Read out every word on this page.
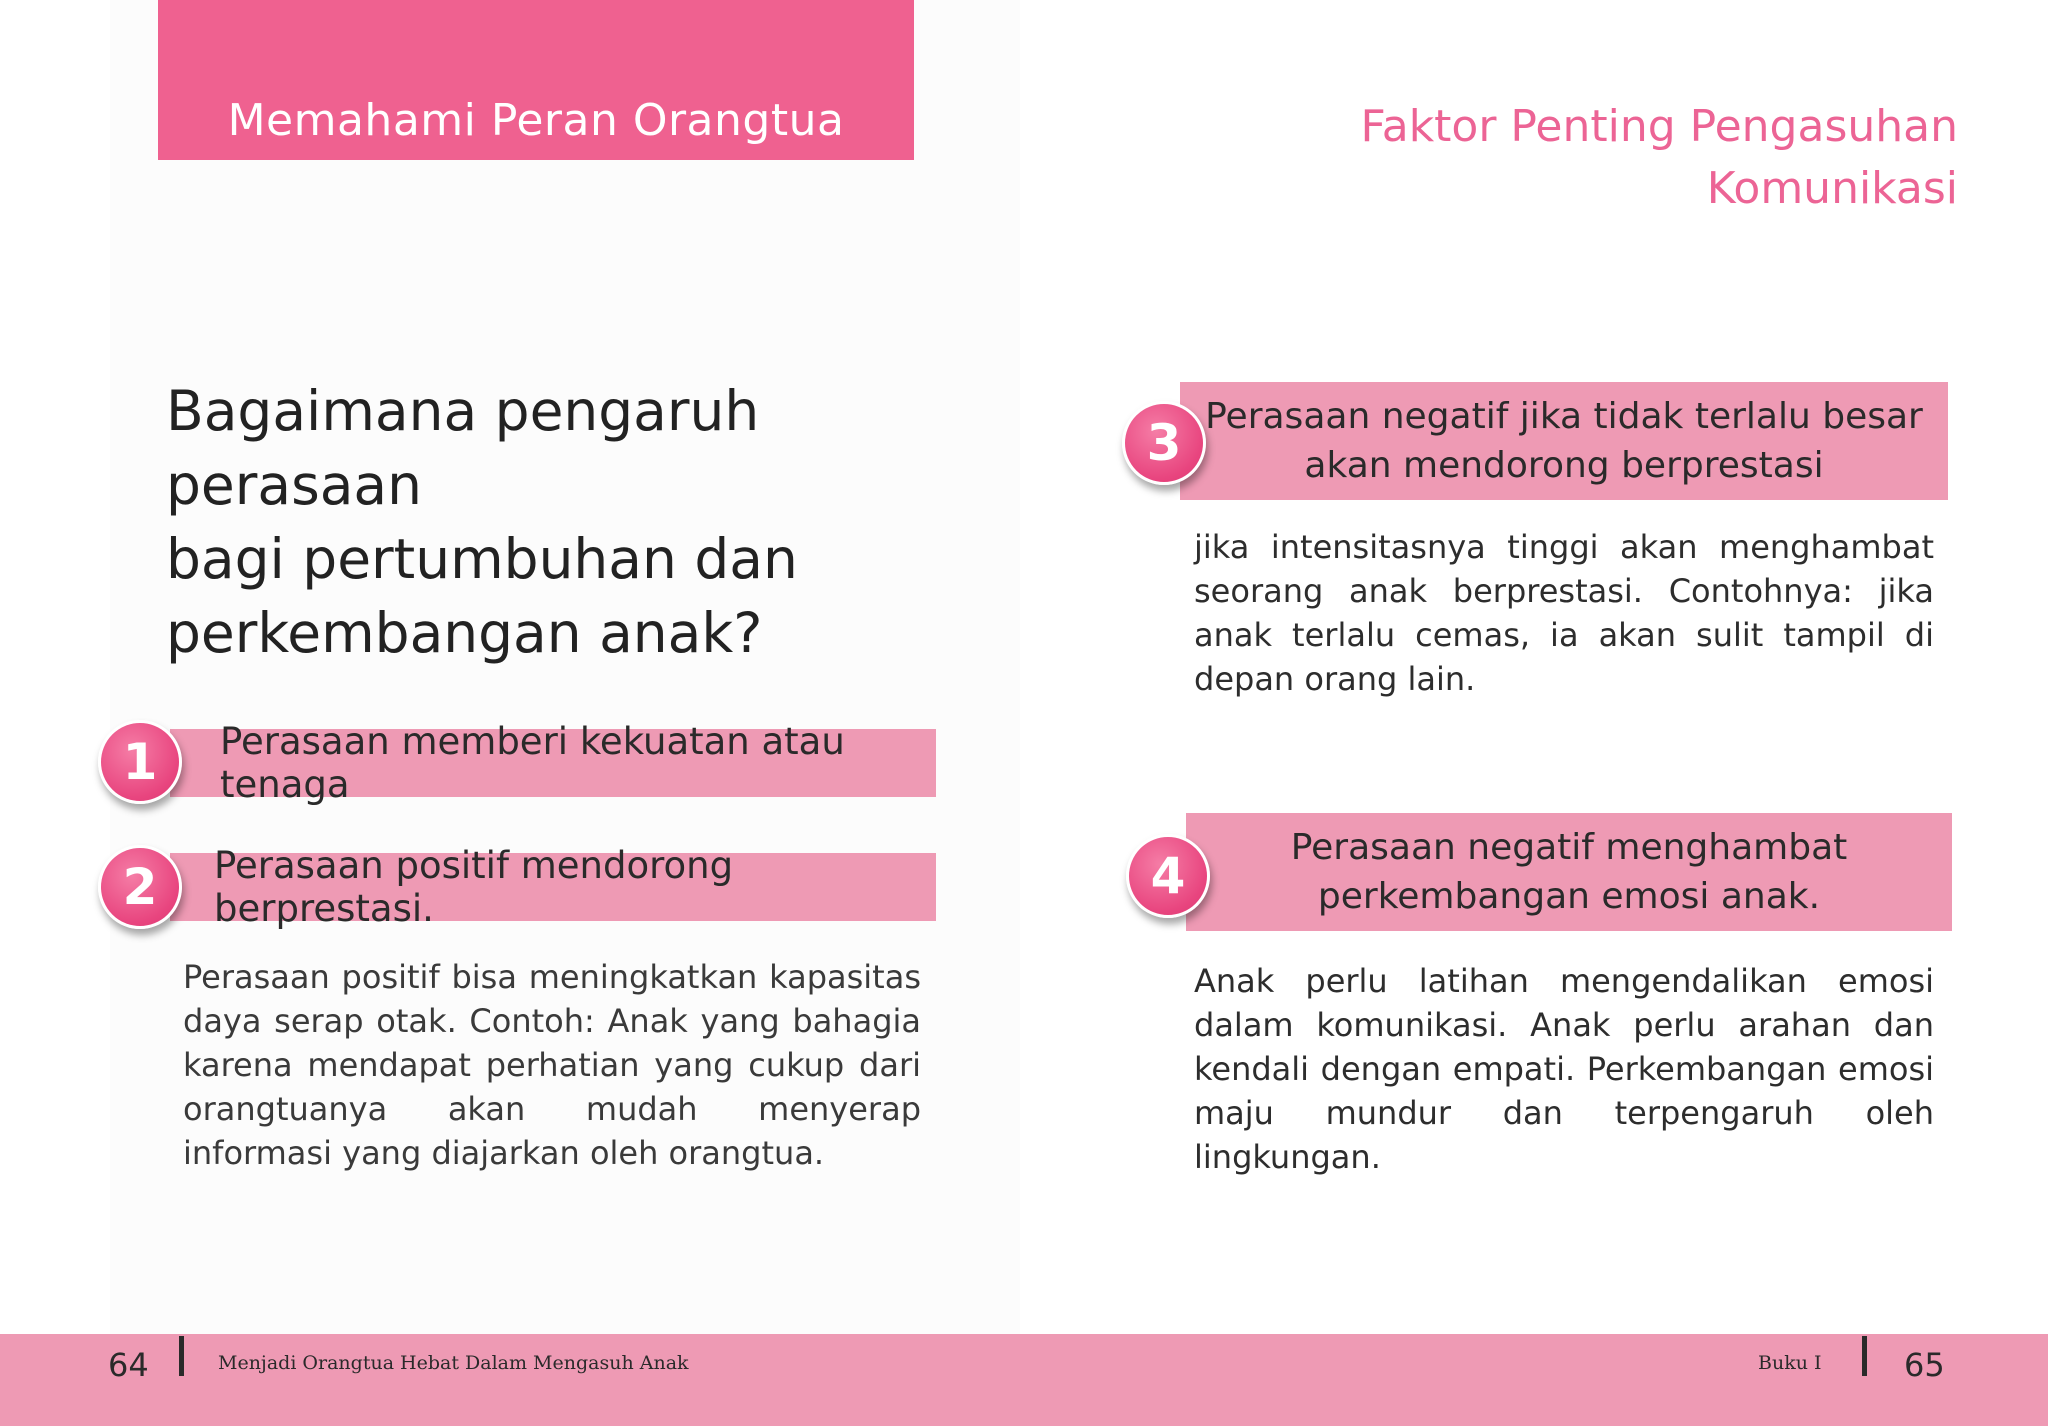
Memahami Peran Orangtua	Faktor Penting Pengasuhan
Komunikasi
Bagaimana pengaruh perasaan
bagi pertumbuhan dan
perkembangan anak?
Perasaan memberi kekuatan atau tenaga
1
Perasaan positif mendorong berprestasi.
2
Perasaan positif bisa meningkatkan kapasitas daya serap otak. Contoh: Anak yang bahagia karena mendapat perhatian yang cukup dari orangtuanya akan mudah menyerap informasi yang diajarkan oleh orangtua.
Perasaan negatif jika tidak terlalu besar
akan mendorong berprestasi
3
jika intensitasnya tinggi akan menghambat seorang anak berprestasi. Contohnya: jika anak terlalu cemas, ia akan sulit tampil di depan orang lain.
Perasaan negatif menghambat
perkembangan emosi anak.
4
Anak perlu latihan mengendalikan emosi dalam komunikasi. Anak perlu arahan dan kendali dengan empati. Perkembangan emosi maju mundur dan terpengaruh oleh lingkungan.
64	Menjadi Orangtua Hebat Dalam Mengasuh Anak	Buku I	65
